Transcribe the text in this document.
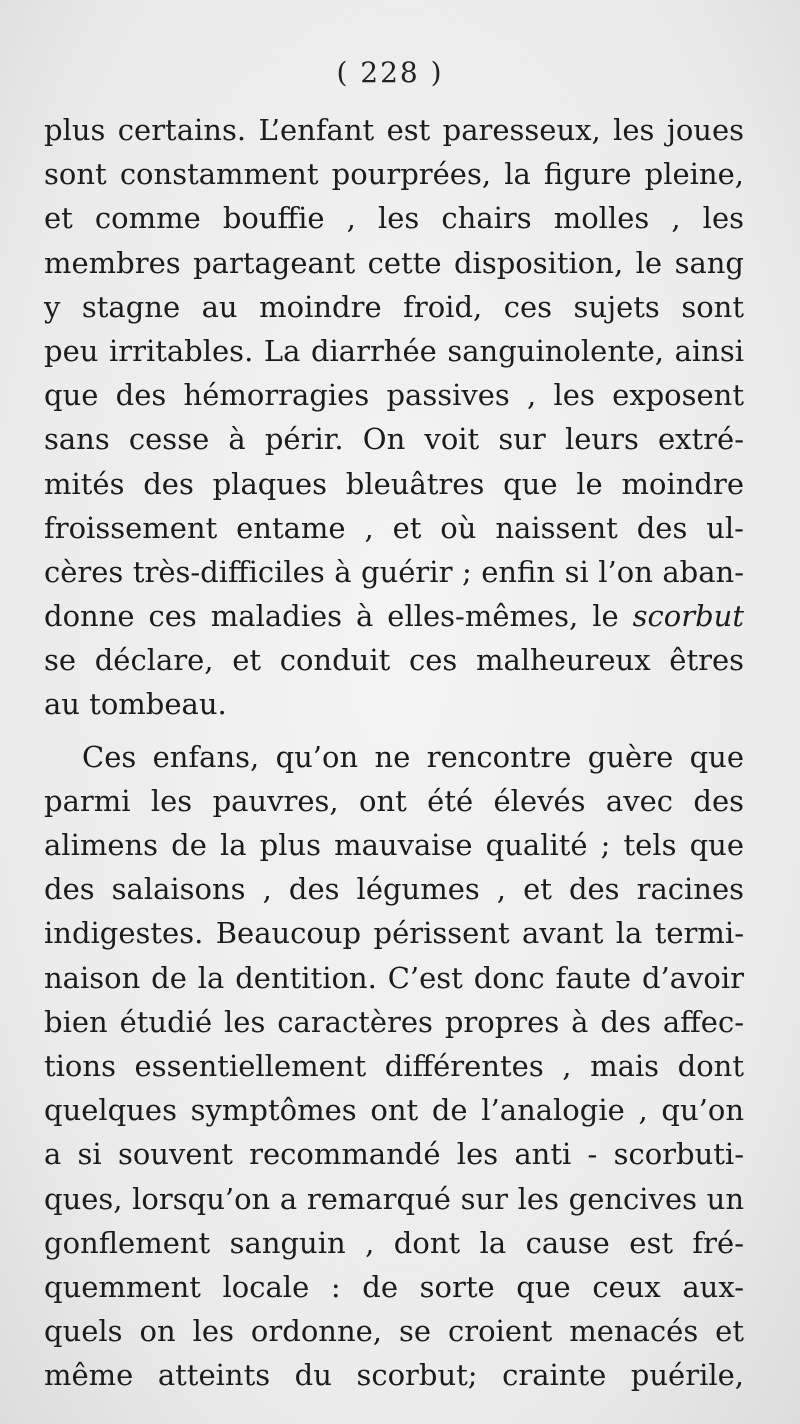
( 228 )
plus certains. L’enfant est paresseux, les joues
sont constamment pourprées, la figure pleine,
et comme bouffie , les chairs molles , les
membres partageant cette disposition, le sang
y stagne au moindre froid, ces sujets sont
peu irritables. La diarrhée sanguinolente, ainsi
que des hémorragies passives , les exposent
sans cesse à périr. On voit sur leurs extré-
mités des plaques bleuâtres que le moindre
froissement entame , et où naissent des ul-
cères très-difficiles à guérir ; enfin si l’on aban-
donne ces maladies à elles-mêmes, le scorbut
se déclare, et conduit ces malheureux êtres
au tombeau.
Ces enfans, qu’on ne rencontre guère que
parmi les pauvres, ont été élevés avec des
alimens de la plus mauvaise qualité ; tels que
des salaisons , des légumes , et des racines
indigestes. Beaucoup périssent avant la termi-
naison de la dentition. C’est donc faute d’avoir
bien étudié les caractères propres à des affec-
tions essentiellement différentes , mais dont
quelques symptômes ont de l’analogie , qu’on
a si souvent recommandé les anti - scorbuti-
ques, lorsqu’on a remarqué sur les gencives un
gonflement sanguin , dont la cause est fré-
quemment locale : de sorte que ceux aux-
quels on les ordonne, se croient menacés et
même atteints du scorbut; crainte puérile,
